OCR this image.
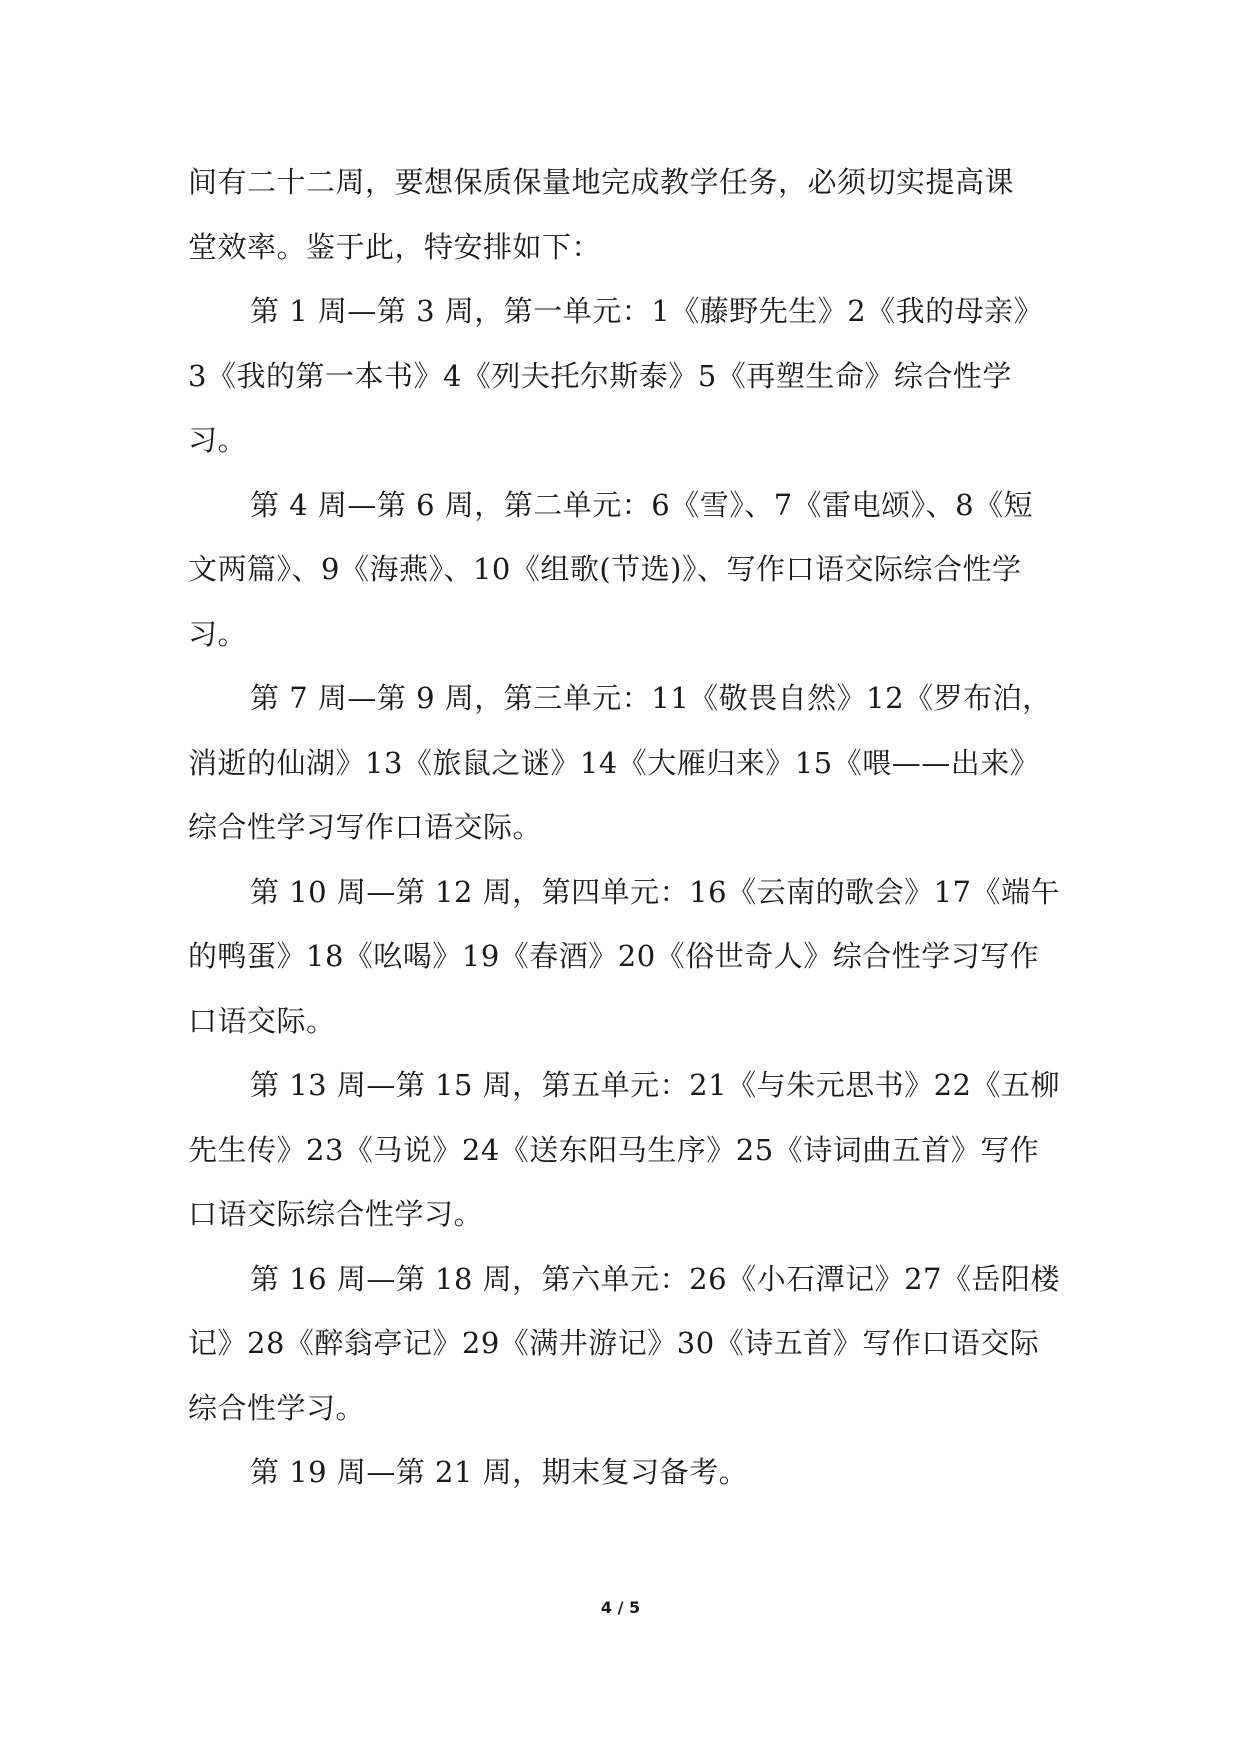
间有二十二周，要想保质保量地完成教学任务，必须切实提高课
堂效率。鉴于此，特安排如下：

第 1 周—第 3 周，第一单元：1《藤野先生》2《我的母亲》
3《我的第一本书》4《列夫托尔斯泰》5《再塑生命》综合性学
习。

第 4 周—第 6 周，第二单元：6《雪》、7《雷电颂》、8《短
文两篇》、9《海燕》、10《组歌(节选)》、写作口语交际综合性学
习。

第 7 周—第 9 周，第三单元：11《敬畏自然》12《罗布泊，
消逝的仙湖》13《旅鼠之谜》14《大雁归来》15《喂——出来》
综合性学习写作口语交际。

第 10 周—第 12 周，第四单元：16《云南的歌会》17《端午
的鸭蛋》18《吆喝》19《春酒》20《俗世奇人》综合性学习写作
口语交际。

第 13 周—第 15 周，第五单元：21《与朱元思书》22《五柳
先生传》23《马说》24《送东阳马生序》25《诗词曲五首》写作
口语交际综合性学习。

第 16 周—第 18 周，第六单元：26《小石潭记》27《岳阳楼
记》28《醉翁亭记》29《满井游记》30《诗五首》写作口语交际
综合性学习。

第 19 周—第 21 周，期末复习备考。

4 / 5
